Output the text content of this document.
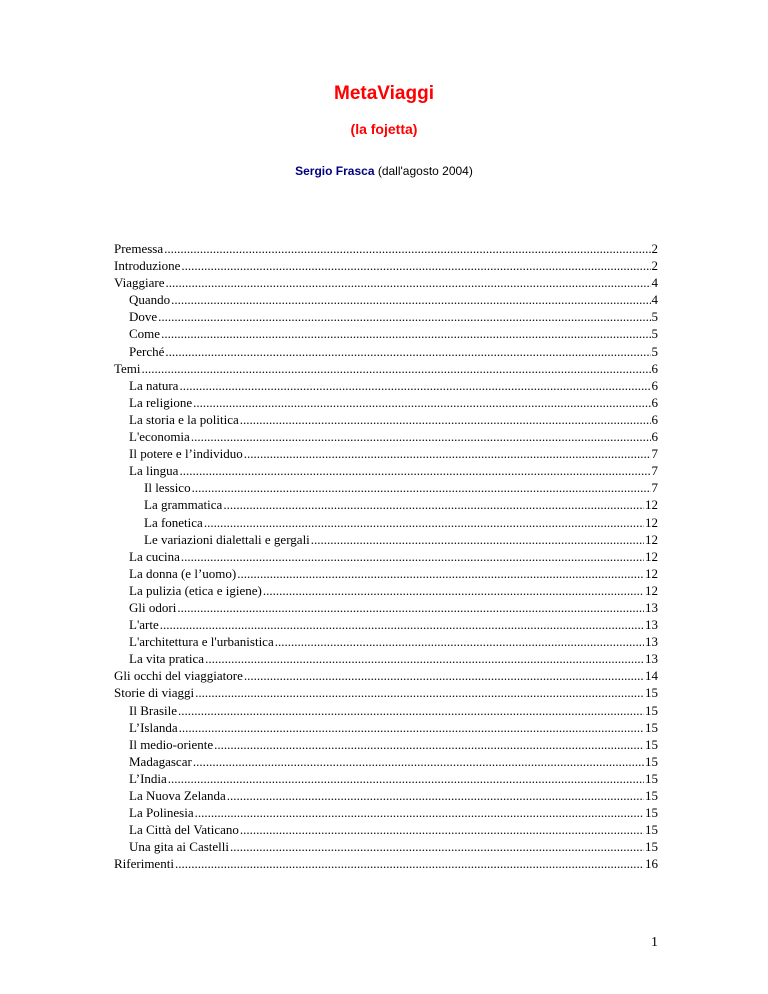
MetaViaggi
(la fojetta)
Sergio Frasca (dall'agosto 2004)
Premessa .....	2
Introduzione .....	2
Viaggiare .....	4
Quando .....	4
Dove .....	5
Come .....	5
Perché .....	5
Temi .....	6
La natura .....	6
La religione .....	6
La storia e la politica .....	6
L'economia .....	6
Il potere e l’individuo .....	7
La lingua .....	7
Il lessico .....	7
La grammatica .....	12
La fonetica .....	12
Le variazioni dialettali e gergali .....	12
La cucina .....	12
La donna (e l’uomo) .....	12
La pulizia (etica e igiene) .....	12
Gli odori .....	13
L'arte .....	13
L'architettura e l'urbanistica .....	13
La vita pratica .....	13
Gli occhi del viaggiatore .....	14
Storie di viaggi .....	15
Il Brasile .....	15
L’Islanda .....	15
Il medio-oriente .....	15
Madagascar .....	15
L’India .....	15
La Nuova Zelanda .....	15
La Polinesia .....	15
La Città del Vaticano .....	15
Una gita ai Castelli .....	15
Riferimenti .....	16
1
